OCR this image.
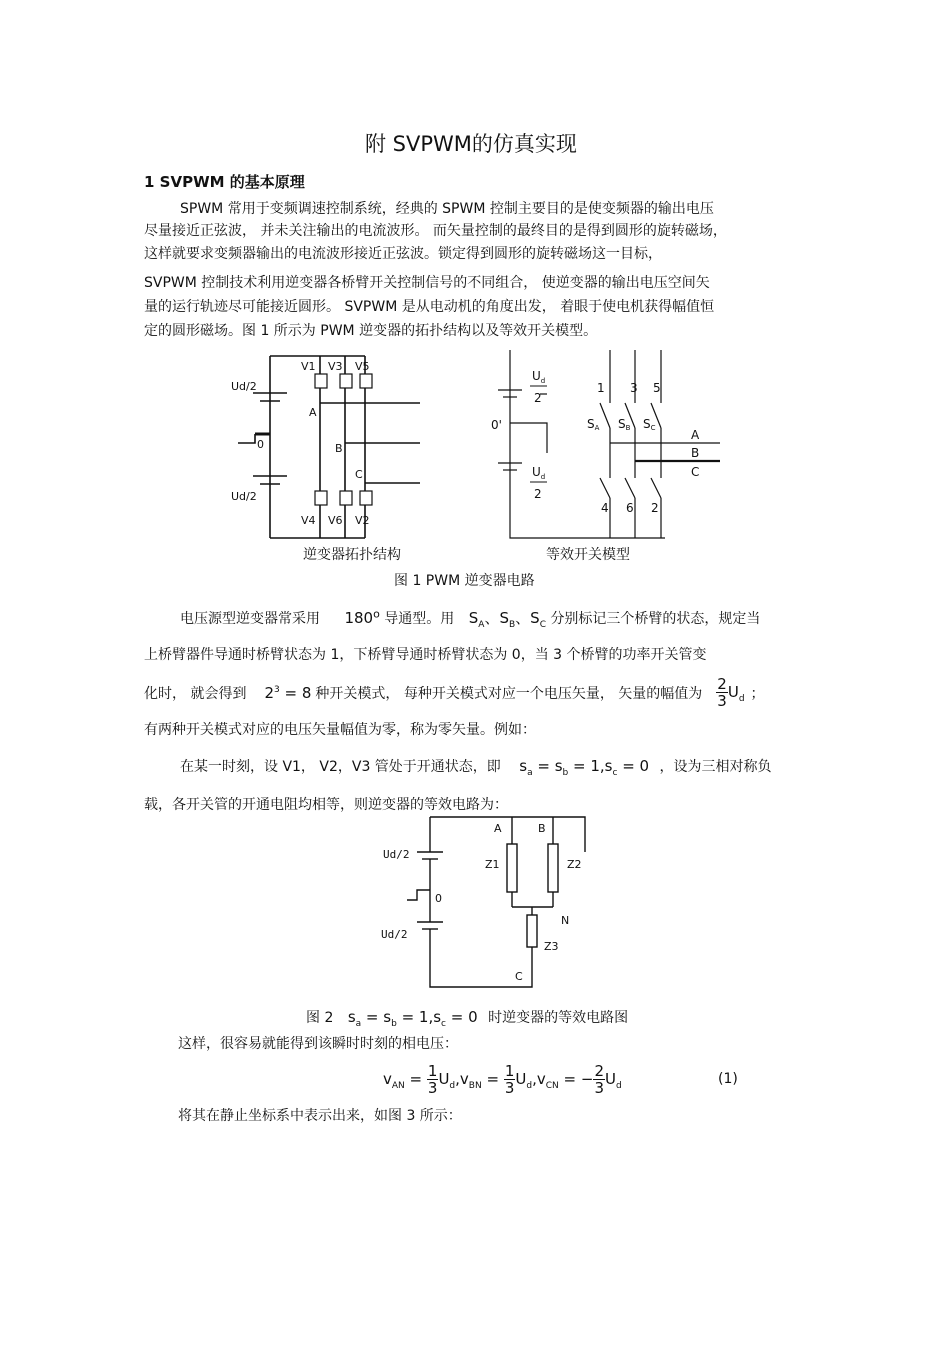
附 SVPWM的仿真实现
1 SVPWM 的基本原理
SPWM 常用于变频调速控制系统，经典的 SPWM 控制主要目的是使变频器的输出电压
尽量接近正弦波， 并未关注输出的电流波形。 而矢量控制的最终目的是得到圆形的旋转磁场，
这样就要求变频器输出的电流波形接近正弦波。锁定得到圆形的旋转磁场这一目标，
SVPWM 控制技术利用逆变器各桥臂开关控制信号的不同组合， 使逆变器的输出电压空间矢
量的运行轨迹尽可能接近圆形。 SVPWM 是从电动机的角度出发， 着眼于使电机获得幅值恒
定的圆形磁场。图 1 所示为 PWM 逆变器的拓扑结构以及等效开关模型。
Ud/2
Ud/2
0
V1 V3 V5
V4 V6 V2
A
B
C
$U_d$
2
$U_d$
2
0'
1 3 5
SA SB SC	A
B
C
4 6 2
逆变器拓扑结构	等效开关模型
图 1 PWM 逆变器电路
电压源型逆变器常采用 180$^o$ 导通型。用 $S_A$、$S_B$、$S_C$ 分别标记三个桥臂的状态，规定当
上桥臂器件导通时桥臂状态为 1，下桥臂导通时桥臂状态为 0，当 3 个桥臂的功率开关管变
化时， 就会得到 $2^3 = 8$ 种开关模式， 每种开关模式对应一个电压矢量， 矢量的幅值为 $\frac{2}{3} U_d$ ；
有两种开关模式对应的电压矢量幅值为零，称为零矢量。例如：
在某一时刻，设 V1， V2，V3 管处于开通状态，即 $s_a = s_b = 1,s_c = 0$ ，设为三相对称负
载，各开关管的开通电阻均相等，则逆变器的等效电路为：
Ud/2
Ud/2
0
A	B
N
C
Z1	Z2
Z3
图 2 $s_a = s_b = 1,s_c = 0$ 时逆变器的等效电路图
这样，很容易就能得到该瞬时时刻的相电压：
$v_{AN} = \frac{1}{3} U_d,v_{BN} = \frac{1}{3} U_d,v_{CN}$ = − $\frac{2}{3} U_d$	(1)
将其在静止坐标系中表示出来，如图 3 所示：
